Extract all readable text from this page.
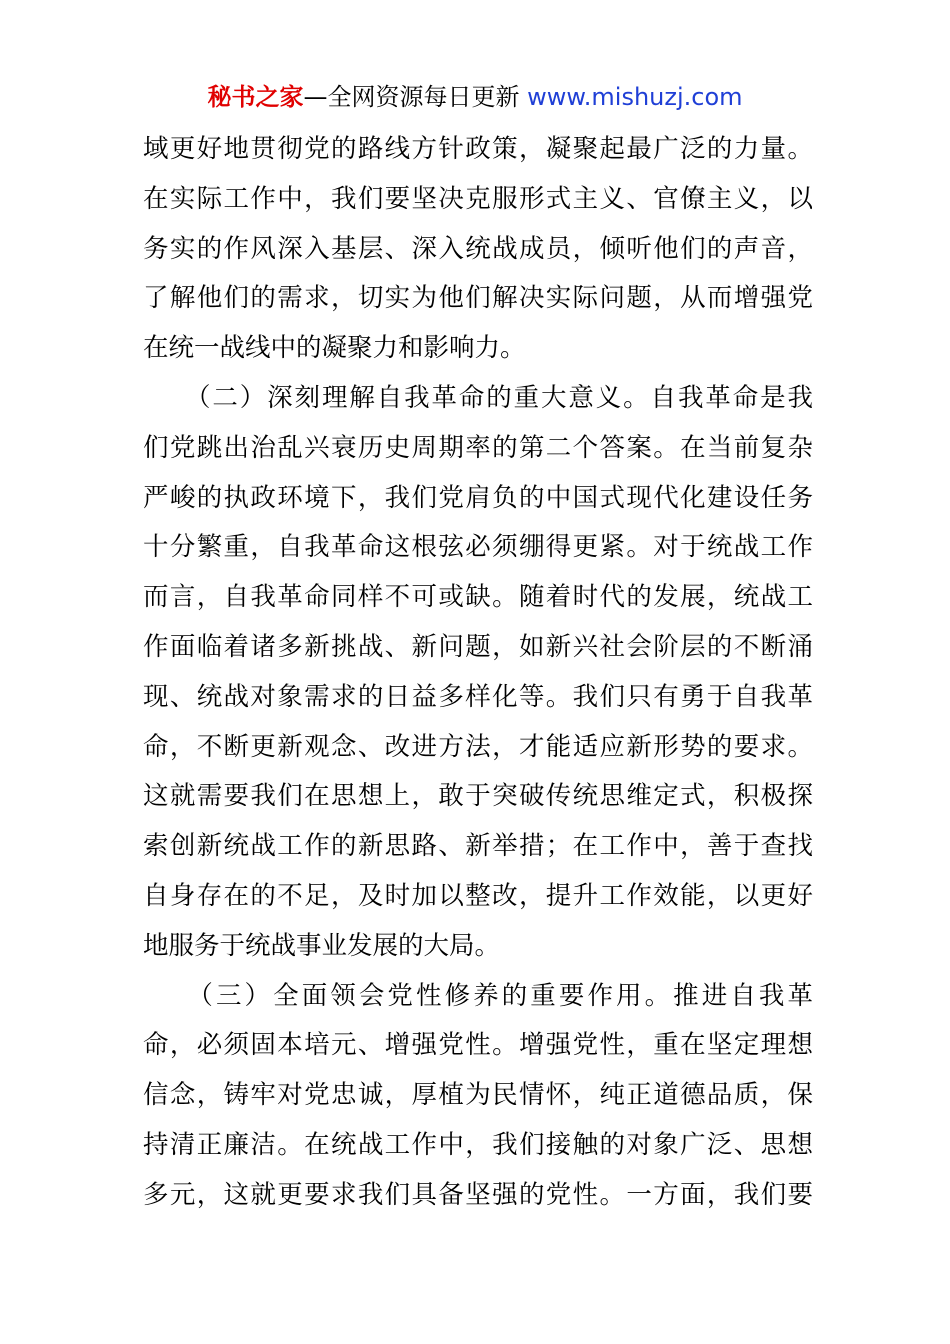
秘书之家—全网资源每日更新 www.mishuzj.com
域更好地贯彻党的路线方针政策，凝聚起最广泛的力量。
在实际工作中，我们要坚决克服形式主义、官僚主义，以
务实的作风深入基层、深入统战成员，倾听他们的声音，
了解他们的需求，切实为他们解决实际问题，从而增强党
在统一战线中的凝聚力和影响力。
　　（二）深刻理解自我革命的重大意义。自我革命是我
们党跳出治乱兴衰历史周期率的第二个答案。在当前复杂
严峻的执政环境下，我们党肩负的中国式现代化建设任务
十分繁重，自我革命这根弦必须绷得更紧。对于统战工作
而言，自我革命同样不可或缺。随着时代的发展，统战工
作面临着诸多新挑战、新问题，如新兴社会阶层的不断涌
现、统战对象需求的日益多样化等。我们只有勇于自我革
命，不断更新观念、改进方法，才能适应新形势的要求。
这就需要我们在思想上，敢于突破传统思维定式，积极探
索创新统战工作的新思路、新举措；在工作中，善于查找
自身存在的不足，及时加以整改，提升工作效能，以更好
地服务于统战事业发展的大局。
　　（三）全面领会党性修养的重要作用。推进自我革
命，必须固本培元、增强党性。增强党性，重在坚定理想
信念，铸牢对党忠诚，厚植为民情怀，纯正道德品质，保
持清正廉洁。在统战工作中，我们接触的对象广泛、思想
多元，这就更要求我们具备坚强的党性。一方面，我们要
